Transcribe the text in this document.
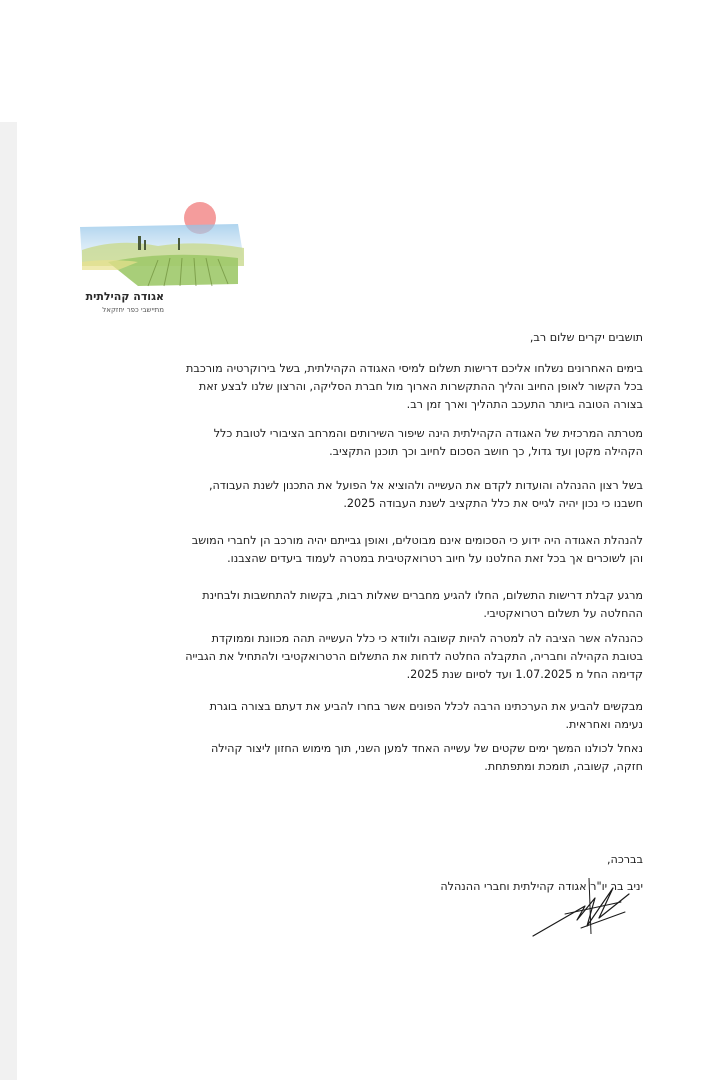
אגודה קהילתית
מתיישבי כפר יחזקאל
תושבים יקרים שלום רב,
בימים האחרונים נשלחו אליכם דרישות תשלום למיסי האגודה הקהילתית, בשל בירוקרטיה מורכבת
בכל הקשור לאופן החיוב והליך ההתקשרות הארוך מול חברת הסליקה, והרצון שלנו לבצע זאת
בצורה הטובה ביותר התעכב התהליך וארך זמן רב.
מטרתה המרכזית של האגודה הקהילתית הינה שיפור השירותים והמרחב הציבורי לטובת כלל
הקהילה מקטן ועד גדול, כך חושב הסכום לחיוב וכך תוכנן התקציב.
בשל רצון ההנהלה והועדות לקדם את העשייה ולהוציא אל הפועל את התכנון לשנת העבודה,
חשבנו כי נכון יהיה לגייס את כלל התקציב לשנת העבודה 2025.
להנהלת האגודה היה ידוע כי הסכומים אינם מבוטלים, ואופן גבייתם יהיה מורכב הן לחברי המושב
והן לשוכרים אך בכל זאת החלטנו על חיוב רטרואקטיבית במטרה לעמוד ביעדים שהצבנו.
מרגע קבלת דרישות התשלום, החלו להגיע מחברים שאלות רבות, בקשות להתחשבות ולבחינת
ההחלטה על תשלום רטרואקטיבי.
כהנהלה אשר הציבה לה למטרה להיות קשובה ולוודא כי כלל העשייה תהה מכוונת וממוקדת
בטובת הקהילה וחבריה, התקבלה החלטה לדחות את התשלום הרטרואקטיבי ולהתחיל את הגבייה
קדימה החל מ 1.07.2025 ועד לסיום שנת 2025.
מבקשים להביע את הערכתינו הרבה לכלל הפונים אשר בחרו להביע את דעתם בצורה בוגרת
נעימה ואחראית.
נאחל לכולנו המשך ימים שקטים של עשייה האחד למען השני, תוך מימוש החזון ליצור קהילה
חזקה, קשובה, תומכת ומתפתחת.
בברכה,
יניב בר יו"ר אגודה קהילתית וחברי ההנהלה
